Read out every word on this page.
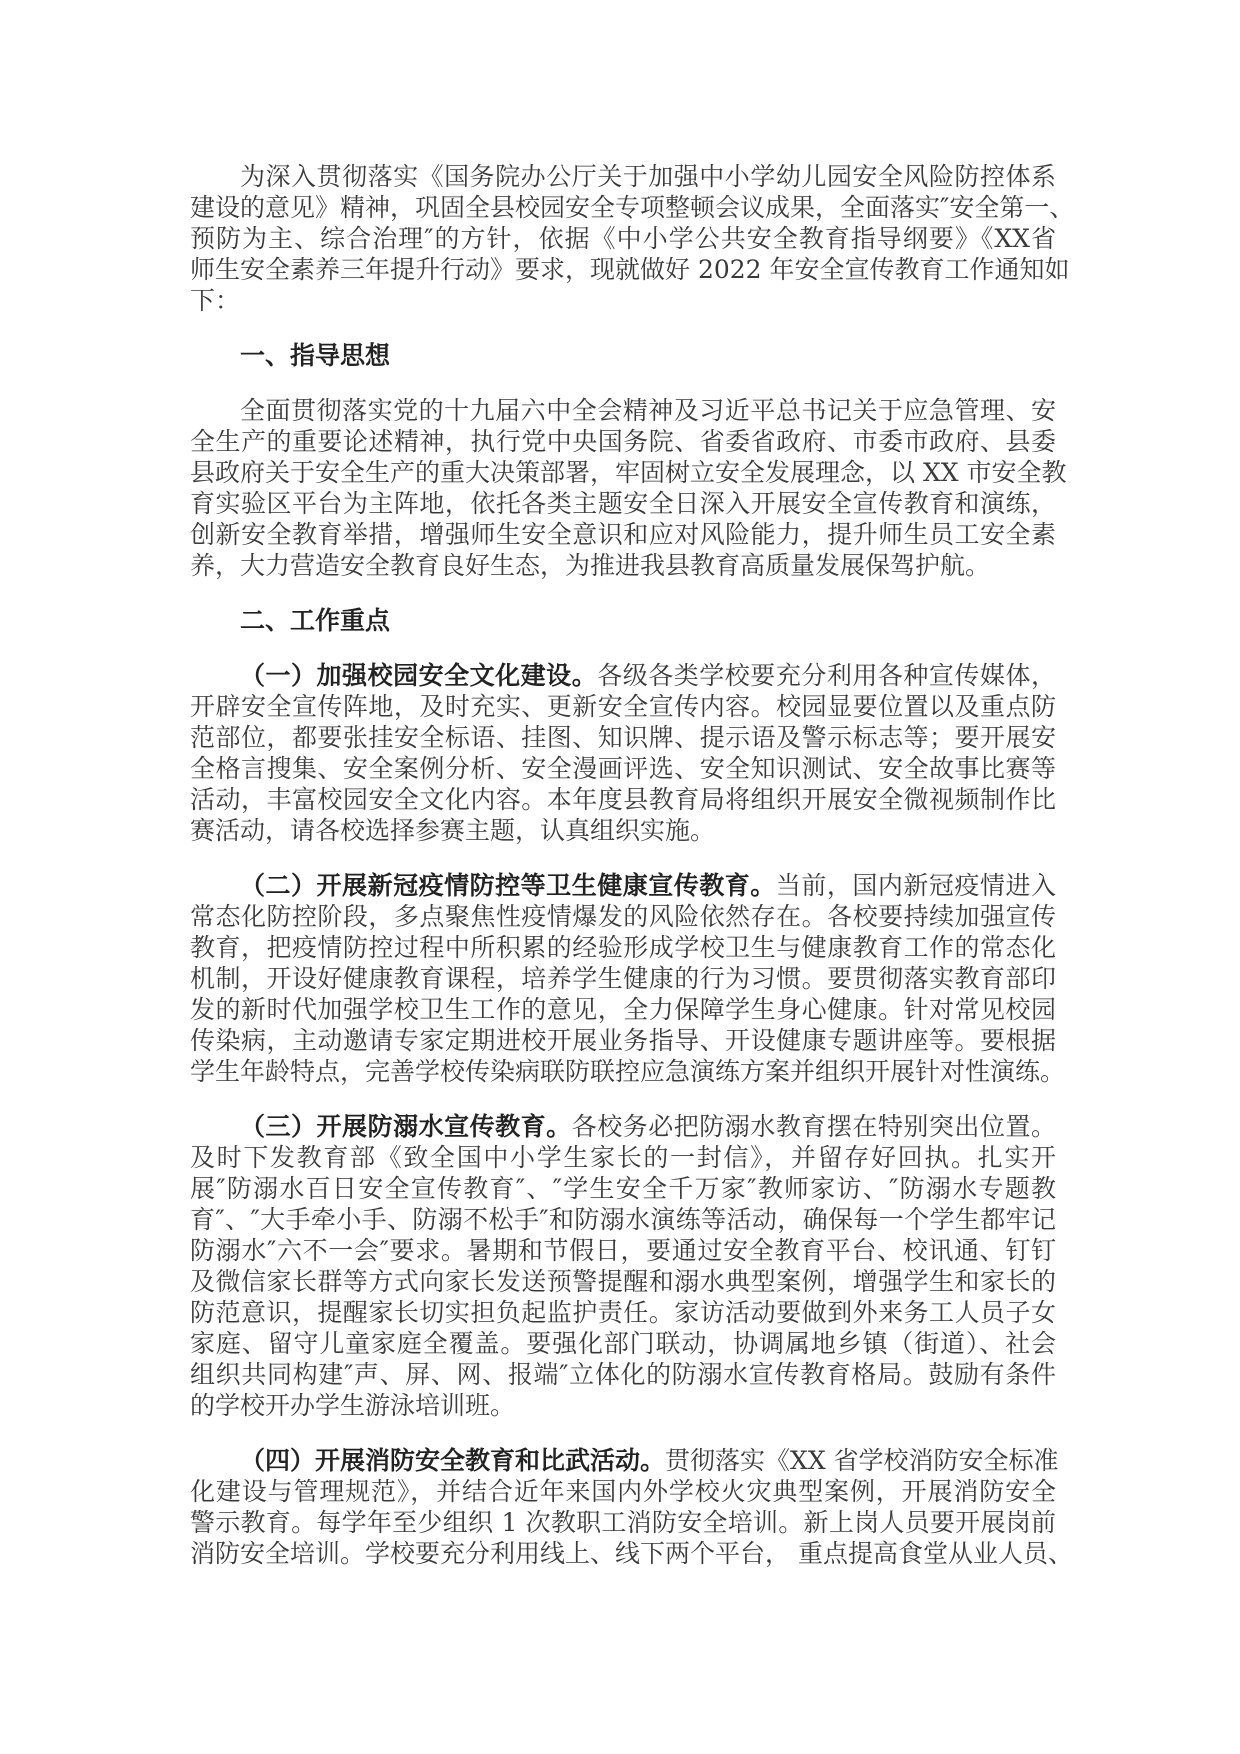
为深入贯彻落实《国务院办公厅关于加强中小学幼儿园安全风险防控体系
建设的意见》精神，巩固全县校园安全专项整顿会议成果，全面落实″安全第一、
预防为主、综合治理″的方针，依据《中小学公共安全教育指导纲要》《XX省
师生安全素养三年提升行动》要求，现就做好 2022 年安全宣传教育工作通知如
下：
一、指导思想
全面贯彻落实党的十九届六中全会精神及习近平总书记关于应急管理、安
全生产的重要论述精神，执行党中央国务院、省委省政府、市委市政府、县委
县政府关于安全生产的重大决策部署，牢固树立安全发展理念，以 XX 市安全教
育实验区平台为主阵地，依托各类主题安全日深入开展安全宣传教育和演练，
创新安全教育举措，增强师生安全意识和应对风险能力，提升师生员工安全素
养，大力营造安全教育良好生态，为推进我县教育高质量发展保驾护航。
二、工作重点
（一）加强校园安全文化建设。各级各类学校要充分利用各种宣传媒体，
开辟安全宣传阵地，及时充实、更新安全宣传内容。校园显要位置以及重点防
范部位，都要张挂安全标语、挂图、知识牌、提示语及警示标志等；要开展安
全格言搜集、安全案例分析、安全漫画评选、安全知识测试、安全故事比赛等
活动，丰富校园安全文化内容。本年度县教育局将组织开展安全微视频制作比
赛活动，请各校选择参赛主题，认真组织实施。
（二）开展新冠疫情防控等卫生健康宣传教育。当前，国内新冠疫情进入
常态化防控阶段，多点聚焦性疫情爆发的风险依然存在。各校要持续加强宣传
教育，把疫情防控过程中所积累的经验形成学校卫生与健康教育工作的常态化
机制，开设好健康教育课程，培养学生健康的行为习惯。要贯彻落实教育部印
发的新时代加强学校卫生工作的意见，全力保障学生身心健康。针对常见校园
传染病，主动邀请专家定期进校开展业务指导、开设健康专题讲座等。要根据
学生年龄特点，完善学校传染病联防联控应急演练方案并组织开展针对性演练。
（三）开展防溺水宣传教育。各校务必把防溺水教育摆在特别突出位置。
及时下发教育部《致全国中小学生家长的一封信》，并留存好回执。扎实开
展″防溺水百日安全宣传教育″、″学生安全千万家″教师家访、″防溺水专题教
育″、″大手牵小手、防溺不松手″和防溺水演练等活动，确保每一个学生都牢记
防溺水″六不一会″要求。暑期和节假日，要通过安全教育平台、校讯通、钉钉
及微信家长群等方式向家长发送预警提醒和溺水典型案例，增强学生和家长的
防范意识，提醒家长切实担负起监护责任。家访活动要做到外来务工人员子女
家庭、留守儿童家庭全覆盖。要强化部门联动，协调属地乡镇（街道）、社会
组织共同构建″声、屏、网、报端″立体化的防溺水宣传教育格局。鼓励有条件
的学校开办学生游泳培训班。
（四）开展消防安全教育和比武活动。贯彻落实《XX 省学校消防安全标准
化建设与管理规范》，并结合近年来国内外学校火灾典型案例，开展消防安全
警示教育。每学年至少组织 1 次教职工消防安全培训。新上岗人员要开展岗前
消防安全培训。学校要充分利用线上、线下两个平台， 重点提高食堂从业人员、
